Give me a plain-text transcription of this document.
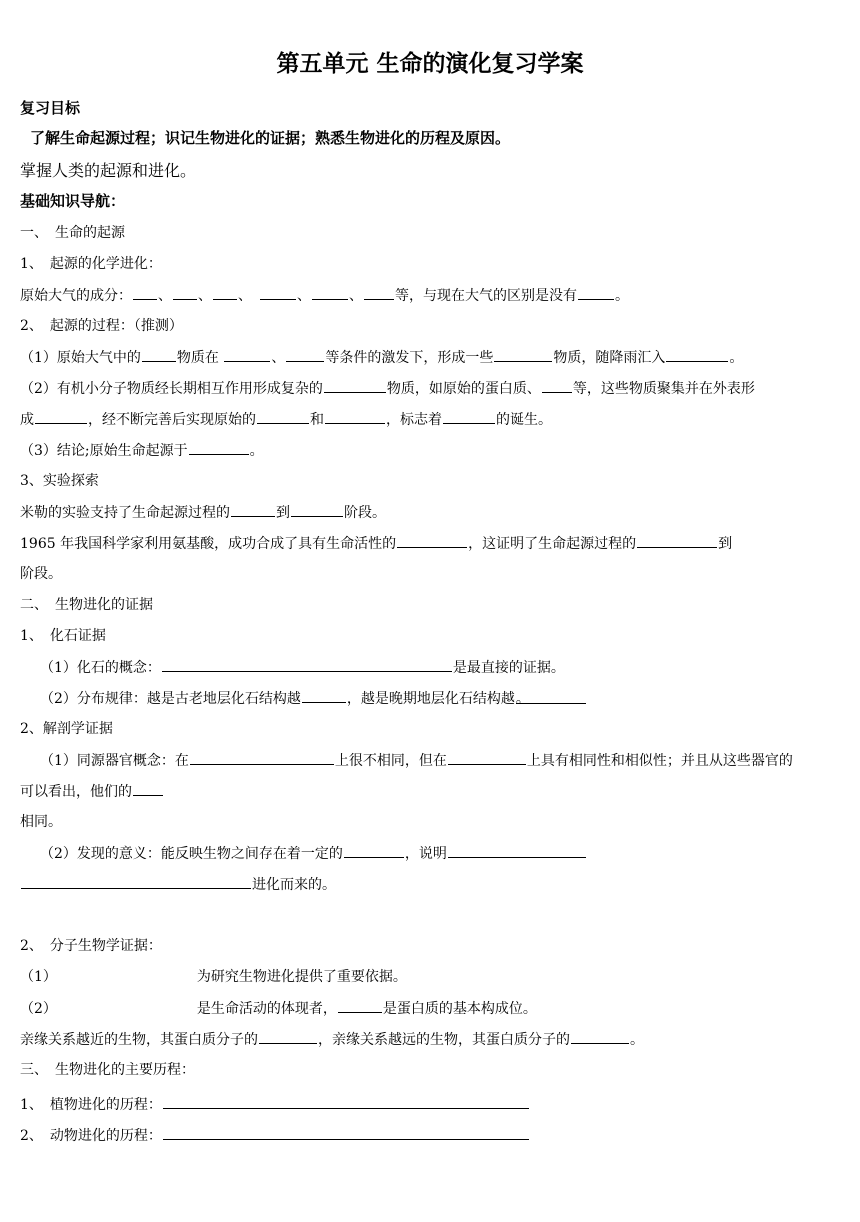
第五单元 生命的演化复习学案
复习目标
了解生命起源过程；识记生物进化的证据；熟悉生物进化的历程及原因。
掌握人类的起源和进化。
基础知识导航：
一、　生命的起源
1、　起源的化学进化：
原始大气的成分： 、 、 、　	、	、 等，与现在大气的区别是没有	。
2、　起源的过程：（推测）
（1）原始大气中的	物质在	、	等条件的激发下，形成一些	物质，随降雨汇入	。
（2）有机小分子物质经长期相互作用形成复杂的	物质，如原始的蛋白质、 等，这些物质聚集并在外表形
成	，经不断完善后实现原始的	和	，标志着	的诞生。
（3）结论;原始生命起源于	。
3、实验探索
米勒的实验支持了生命起源过程的	到	阶段。
1965 年我国科学家利用氨基酸，成功合成了具有生命活性的	，这证明了生命起源过程的	到
阶段。
二、　生物进化的证据
1、　化石证据
（1）化石的概念：	是最直接的证据。
（2）分布规律：越是古老地层化石结构越	，越是晚期地层化石结构越。
2、解剖学证据
（1）同源器官概念：在	上很不相同，但在	上具有相同性和相似性；并且从这些器官的
可以看出，他们的
相同。
（2）发现的意义：能反映生物之间存在着一定的	，说明
进化而来的。
2、　分子生物学证据：
（1）	为研究生物进化提供了重要依据。
（2）	是生命活动的体现者，	是蛋白质的基本构成位。
亲缘关系越近的生物，其蛋白质分子的	，亲缘关系越远的生物，其蛋白质分子的	。
三、　生物进化的主要历程：
1、　植物进化的历程：
2、　动物进化的历程：
